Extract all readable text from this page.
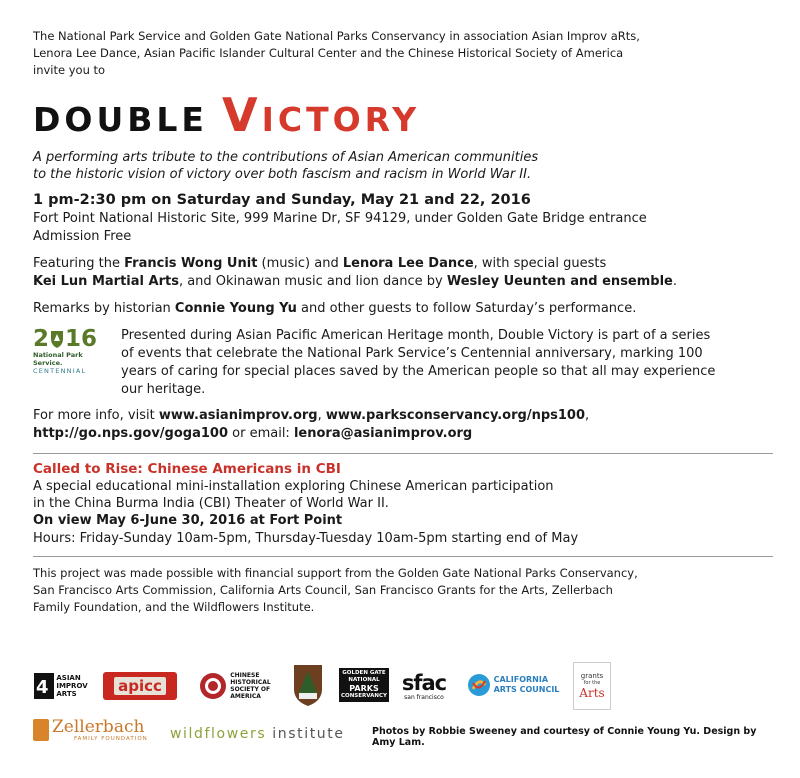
The National Park Service and Golden Gate National Parks Conservancy in association Asian Improv aRts,
Lenora Lee Dance, Asian Pacific Islander Cultural Center and the Chinese Historical Society of America
invite you to
DOUBLE VICTORY
A performing arts tribute to the contributions of Asian American communities
to the historic vision of victory over both fascism and racism in World War II.
1 pm-2:30 pm on Saturday and Sunday, May 21 and 22, 2016
Fort Point National Historic Site, 999 Marine Dr, SF 94129, under Golden Gate Bridge entrance
Admission Free
Featuring the Francis Wong Unit (music) and Lenora Lee Dance, with special guests
Kei Lun Martial Arts, and Okinawan music and lion dance by Wesley Ueunten and ensemble.
Remarks by historian Connie Young Yu and other guests to follow Saturday’s performance.
2 16
National Park Service.
CENTENNIAL
Presented during Asian Pacific American Heritage month, Double Victory is part of a series of events that celebrate the National Park Service’s Centennial anniversary, marking 100 years of caring for special places saved by the American people so that all may experience our heritage.
For more info, visit www.asianimprov.org, www.parksconservancy.org/nps100,
http://go.nps.gov/goga100 or email: lenora@asianimprov.org
Called to Rise: Chinese Americans in CBI
A special educational mini-installation exploring Chinese American participation
in the China Burma India (CBI) Theater of World War II.
On view May 6-June 30, 2016 at Fort Point
Hours: Friday-Sunday 10am-5pm, Thursday-Tuesday 10am-5pm starting end of May
This project was made possible with financial support from the Golden Gate National Parks Conservancy,
San Francisco Arts Commission, California Arts Council, San Francisco Grants for the Arts, Zellerbach
Family Foundation, and the Wildflowers Institute.
4 ASIAN
IMPROV
ARTS	apicc
CHINESE
HISTORICAL
SOCIETY OF
AMERICA
GOLDEN GATE
NATIONAL
PARKS
CONSERVANCY
sfac
san francisco
CALIFORNIA
ARTS COUNCIL
grants
for the
Arts
Zellerbach
FAMILY FOUNDATION wildflowers institute	Photos by Robbie Sweeney and courtesy of Connie Young Yu. Design by Amy Lam.
